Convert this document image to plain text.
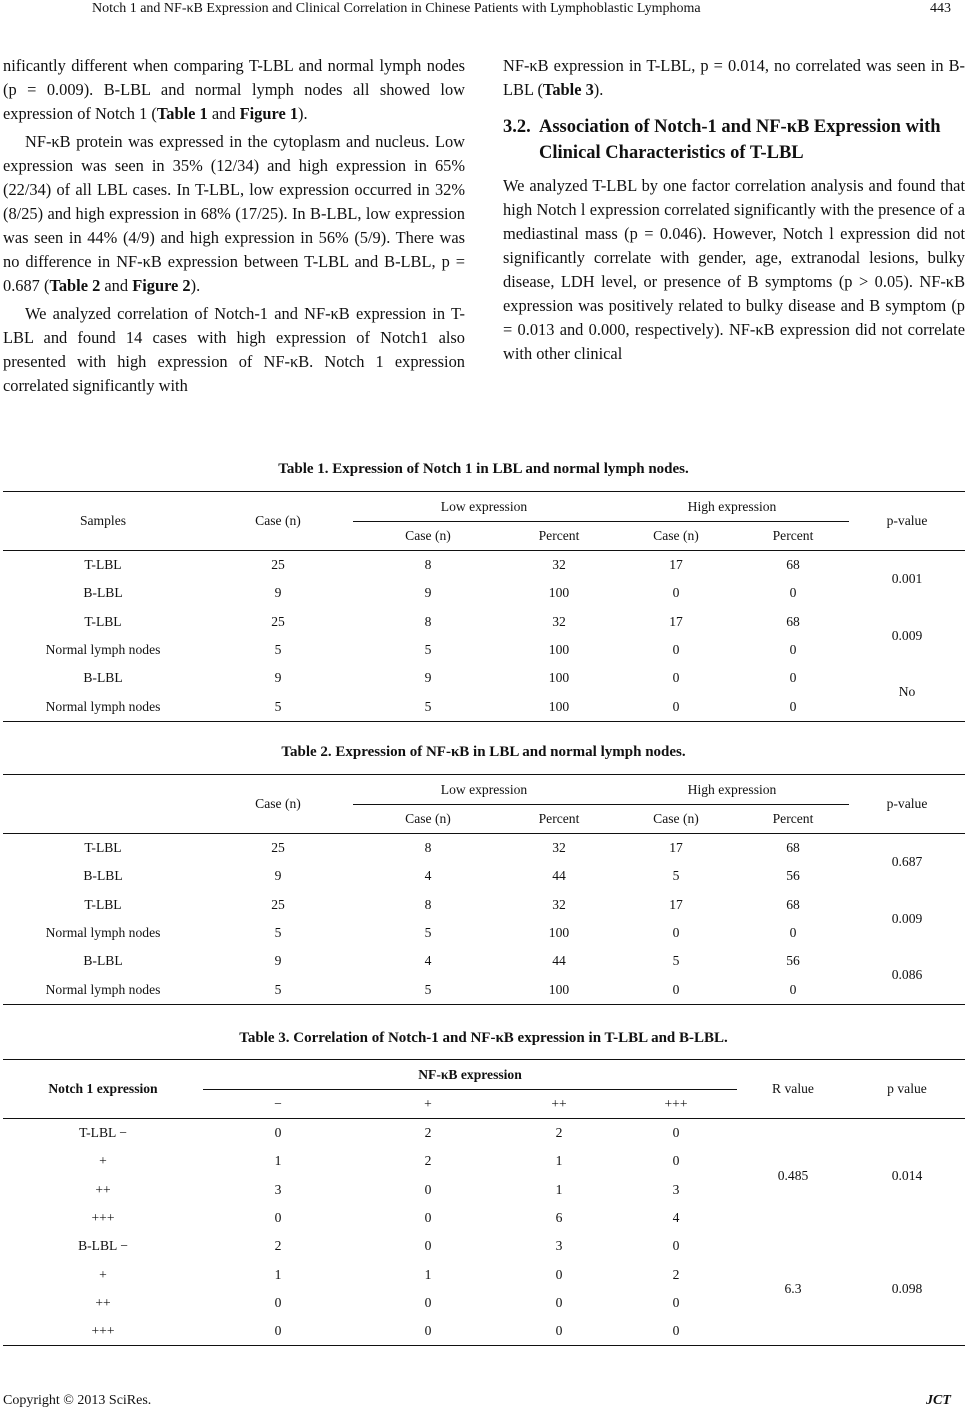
Notch 1 and NF-κB Expression and Clinical Correlation in Chinese Patients with Lymphoblastic Lymphoma	443

nificantly different when comparing T-LBL and normal lymph nodes (p = 0.009). B-LBL and normal lymph nodes all showed low expression of Notch 1 (Table 1 and Figure 1).

NF-κB protein was expressed in the cytoplasm and nucleus. Low expression was seen in 35% (12/34) and high expression in 65% (22/34) of all LBL cases. In T-LBL, low expression occurred in 32% (8/25) and high expression in 68% (17/25). In B-LBL, low expression was seen in 44% (4/9) and high expression in 56% (5/9). There was no difference in NF-κB expression between T-LBL and B-LBL, p = 0.687 (Table 2 and Figure 2).

We analyzed correlation of Notch-1 and NF-κB expression in T-LBL and found 14 cases with high expression of Notch1 also presented with high expression of NF-κB. Notch 1 expression correlated significantly with

NF-κB expression in T-LBL, p = 0.014, no correlated was seen in B-LBL (Table 3).

3.2. Association of Notch-1 and NF-κB Expression with Clinical Characteristics of T-LBL

We analyzed T-LBL by one factor correlation analysis and found that high Notch l expression correlated significantly with the presence of a mediastinal mass (p = 0.046). However, Notch l expression did not significantly correlate with gender, age, extranodal lesions, bulky disease, LDH level, or presence of B symptoms (p > 0.05). NF-κB expression was positively related to bulky disease and B symptom (p = 0.013 and 0.000, respectively). NF-κB expression did not correlate with other clinical

Table 1. Expression of Notch 1 in LBL and normal lymph nodes.
Samples	Case (n)	Low expression		High expression		p-value
		Case (n)	Percent	Case (n)	Percent	
T-LBL	25	8	32	17	68	0.001
B-LBL	9	9	100	0	0	
T-LBL	25	8	32	17	68	0.009
Normal lymph nodes	5	5	100	0	0	
B-LBL	9	9	100	0	0	No
Normal lymph nodes	5	5	100	0	0	
Table 2. Expression of NF-κB in LBL and normal lymph nodes.
	Case (n)	Low expression		High expression		p-value
		Case (n)	Percent	Case (n)	Percent	
T-LBL	25	8	32	17	68	0.687
B-LBL	9	4	44	5	56	
T-LBL	25	8	32	17	68	0.009
Normal lymph nodes	5	5	100	0	0	
B-LBL	9	4	44	5	56	0.086
Normal lymph nodes	5	5	100	0	0	
Table 3. Correlation of Notch-1 and NF-κB expression in T-LBL and B-LBL.
Notch 1 expression	NF-κB expression				R value	p value
	−	+	++	+++		
T-LBL −	0	2	2	0	0.485	0.014
+	1	2	1	0		
++	3	0	1	3		
+++	0	0	6	4		
B-LBL −	2	0	3	0	6.3	0.098
+	1	1	0	2		
++	0	0	0	0		
+++	0	0	0	0		
Copyright © 2013 SciRes.	JCT
